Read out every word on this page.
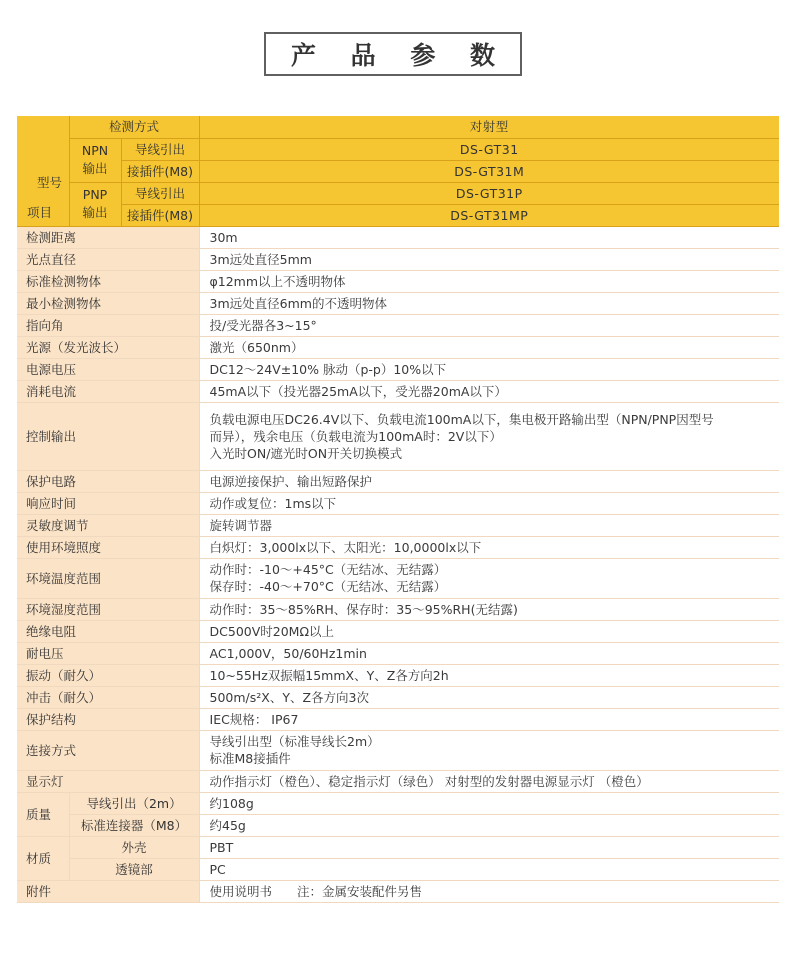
产 品 参 数
型号
项目	检测方式		对射型
	NPN 输出	导线引出	DS-GT31
		接插件(M8)	DS-GT31M
	PNP 输出	导线引出	DS-GT31P
		接插件(M8)	DS-GT31MP
检测距离			30m
光点直径			3m远处直径5mm
标准检测物体			φ12mm以上不透明物体
最小检测物体			3m远处直径6mm的不透明物体
指向角			投/受光器各3~15°
光源（发光波长）			激光（650nm）
电源电压			DC12～24V±10% 脉动（p-p）10%以下
消耗电流			45mA以下（投光器25mA以下，受光器20mA以下）
控制输出			负载电源电压DC26.4V以下、负载电流100mA以下，集电极开路输出型（NPN/PNP因型号
而异），残余电压（负载电流为100mA时：2V以下）
入光时ON/遮光时ON开关切换模式

保护电路			电源逆接保护、输出短路保护
响应时间			动作或复位：1ms以下
灵敏度调节			旋转调节器
使用环境照度			白炽灯：3,000lx以下、太阳光：10,0000lx以下
环境温度范围			动作时：-10～+45°C（无结冰、无结露）
保存时：-40～+70°C（无结冰、无结露）

环境湿度范围			动作时：35～85%RH、保存时：35～95%RH(无结露)
绝缘电阻			DC500V时20MΩ以上
耐电压			AC1,000V，50/60Hz1min
振动（耐久）			10~55Hz双振幅15mmX、Y、Z各方向2h
冲击（耐久）			500m/s²X、Y、Z各方向3次
保护结构			IEC规格： IP67
连接方式			导线引出型（标准导线长2m）
标准M8接插件

显示灯			动作指示灯（橙色）、稳定指示灯（绿色） 对射型的发射器电源显示灯 （橙色）
质量	导线引出（2m）		约108g
	标准连接器（M8）		约45g
材质	外壳		PBT
	透镜部		PC
附件			使用说明书　　注：金属安装配件另售
